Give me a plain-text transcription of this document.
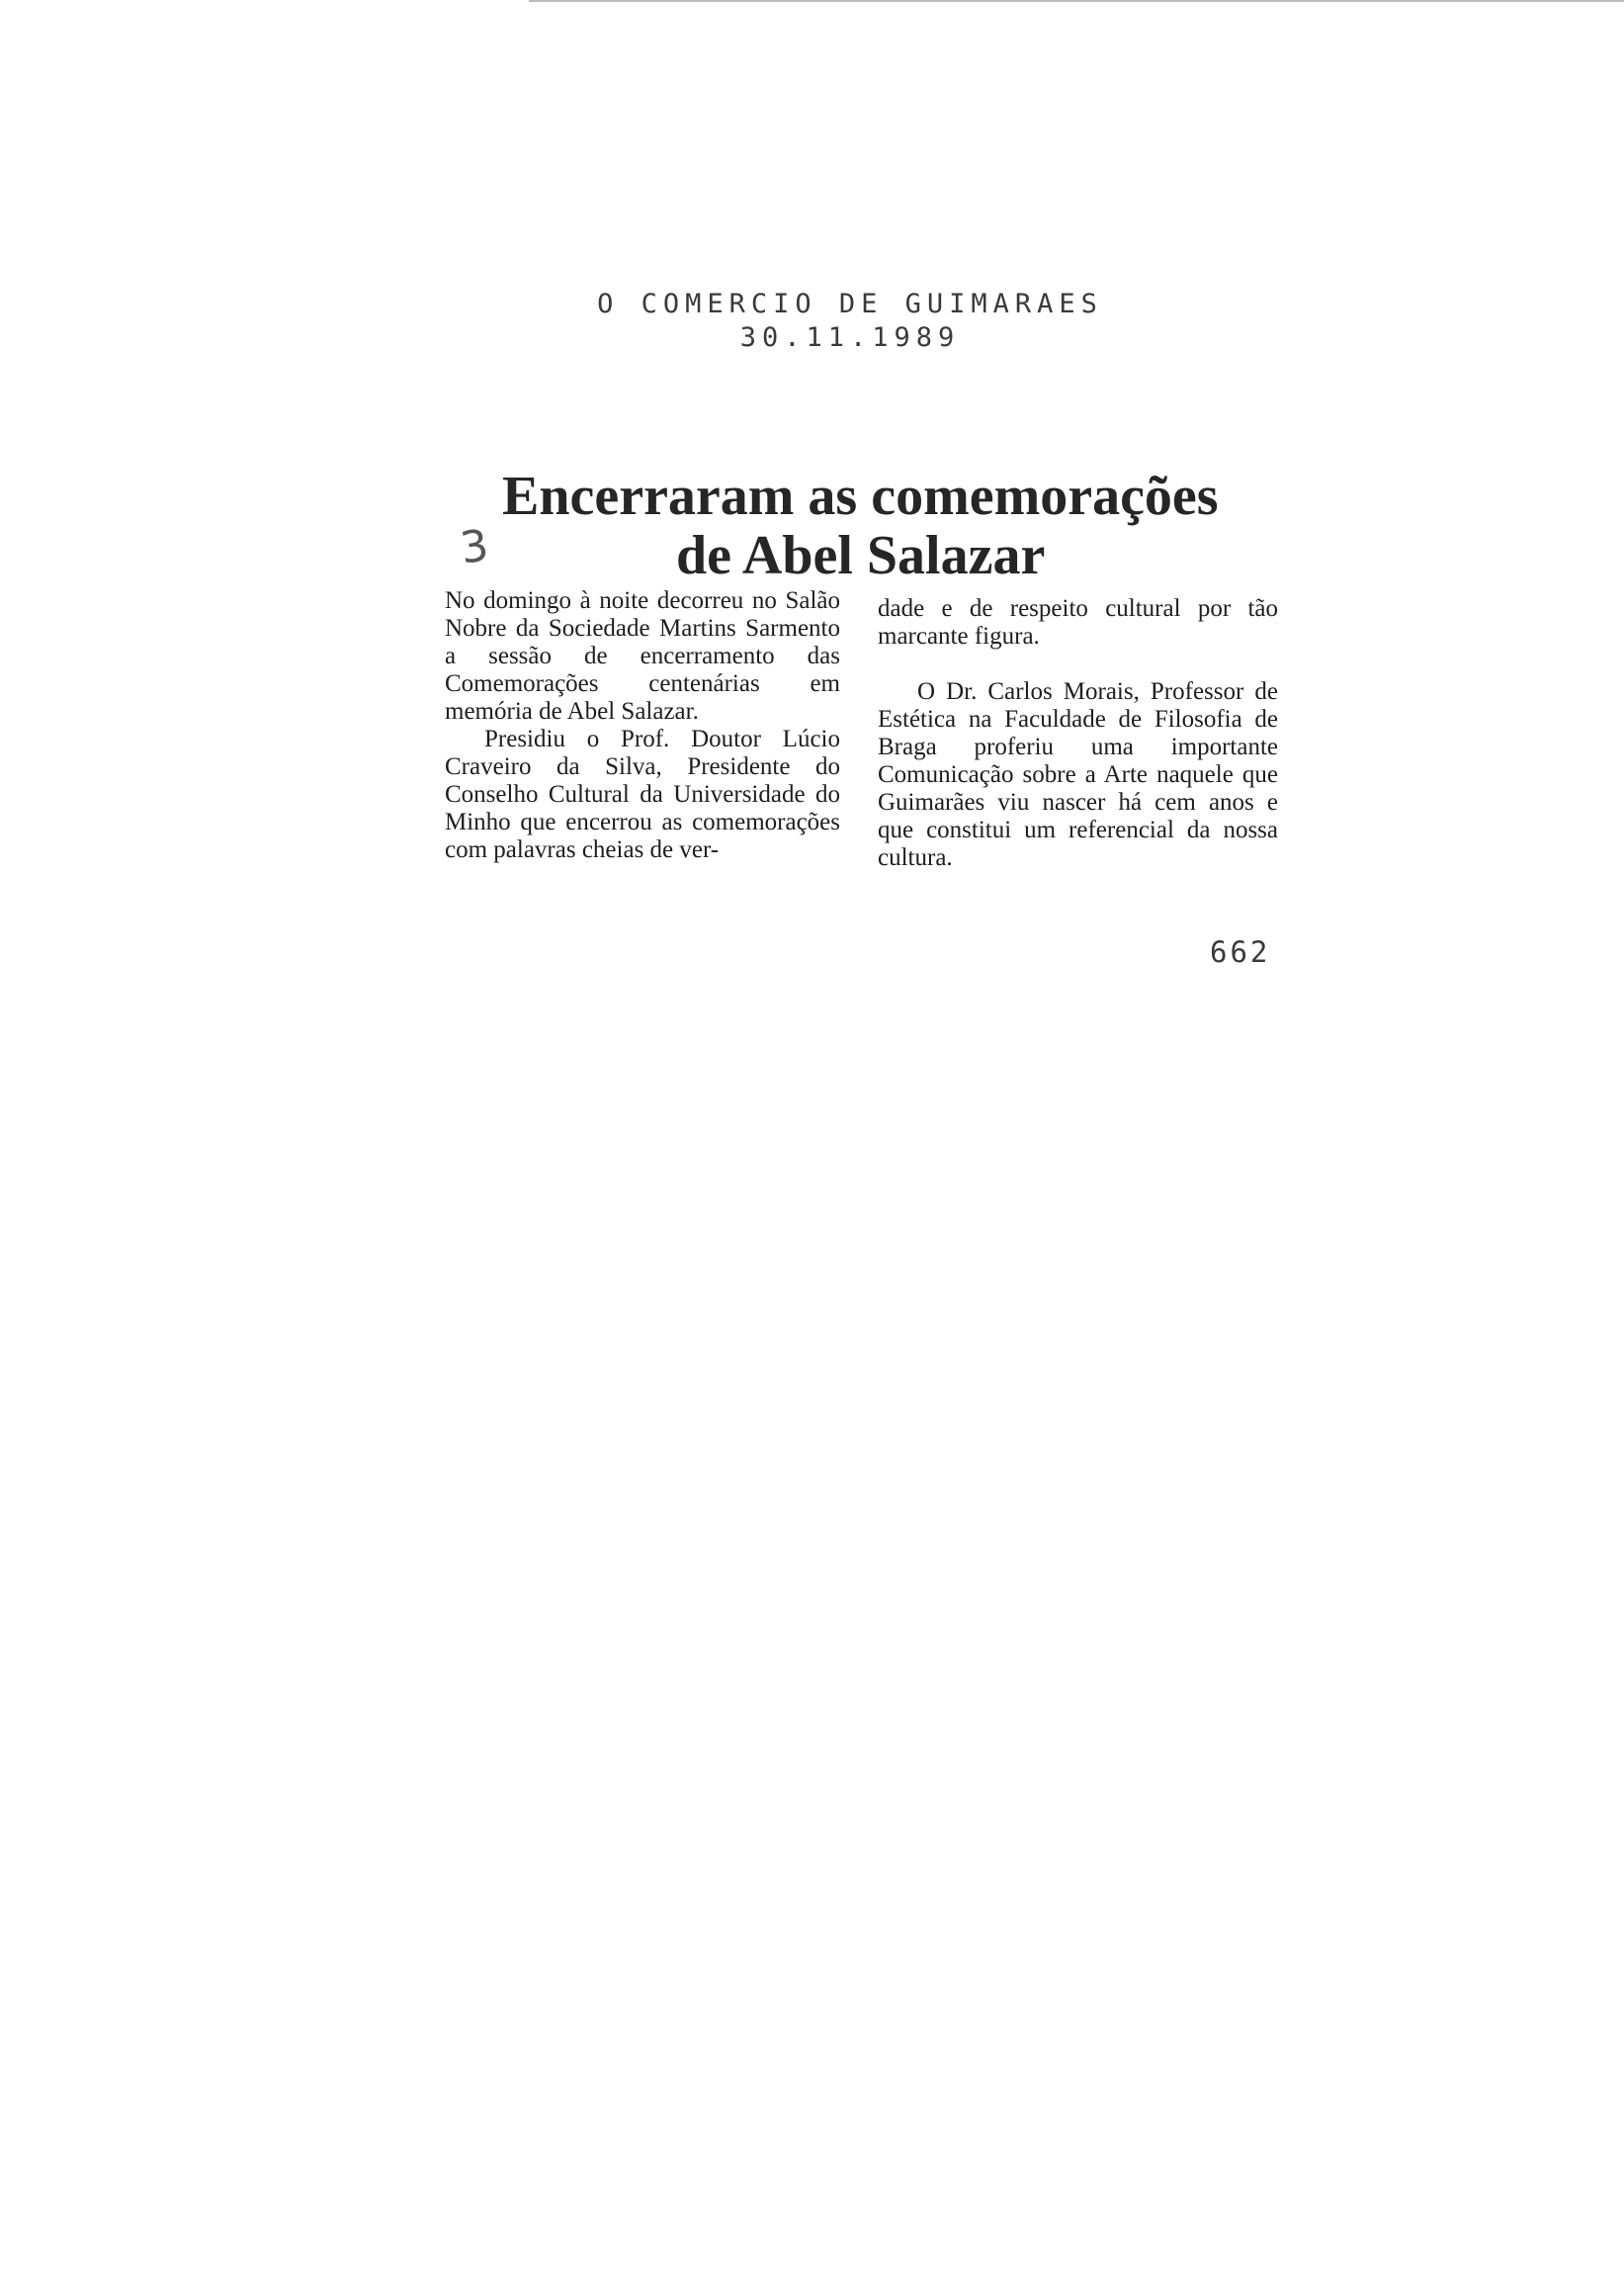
O COMERCIO DE GUIMARAES
30.11.1989
3
Encerraram as comemorações
de Abel Salazar

No domingo à noite decorreu no Salão Nobre da Sociedade Martins Sarmento a sessão de encerramento das Comemorações centenárias em memória de Abel Salazar.

Presidiu o Prof. Doutor Lúcio Craveiro da Silva, Presidente do Conselho Cultural da Universidade do Minho que encerrou as comemorações com palavras cheias de ver-

dade e de respeito cultural por tão marcante figura.

O Dr. Carlos Morais, Professor de Estética na Faculdade de Filosofia de Braga proferiu uma importante Comunicação sobre a Arte naquele que Guimarães viu nascer há cem anos e que constitui um referencial da nossa cultura.

662
